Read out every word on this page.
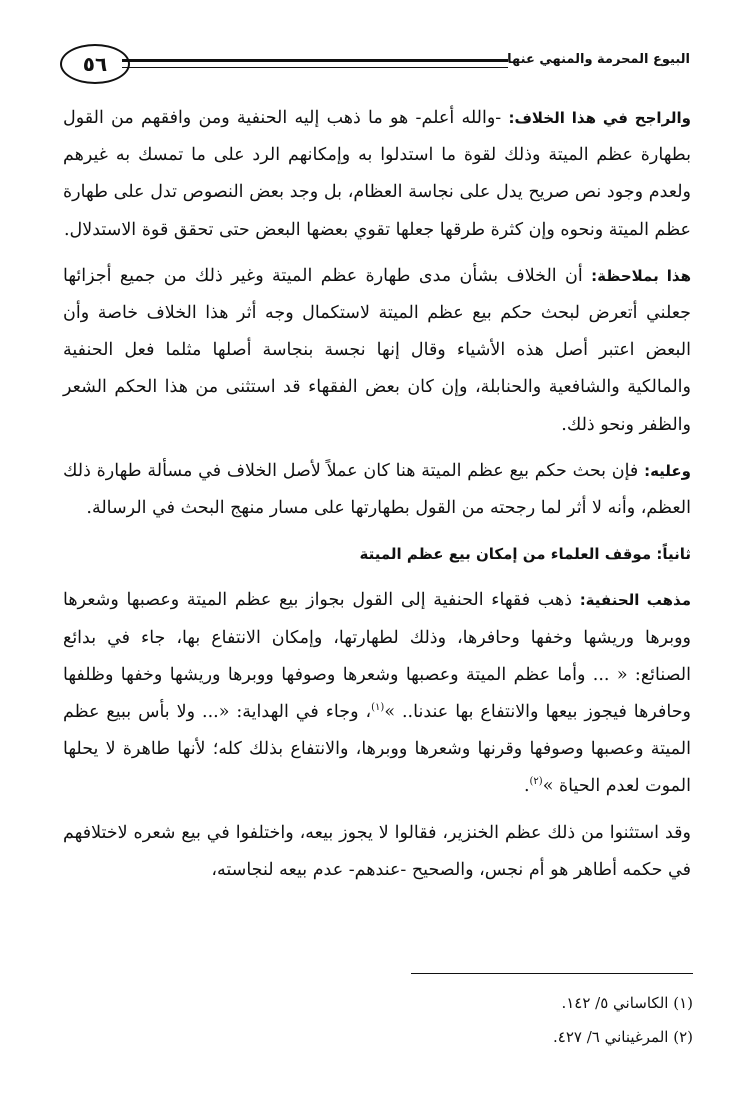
٥٦	البيوع المحرمة والمنهي عنها

والراجح في هذا الخلاف: -والله أعلم- هو ما ذهب إليه الحنفية ومن وافقهم من القول بطهارة عظم الميتة وذلك لقوة ما استدلوا به وإمكانهم الرد على ما تمسك به غيرهم ولعدم وجود نص صريح يدل على نجاسة العظام، بل وجد بعض النصوص تدل على طهارة عظم الميتة ونحوه وإن كثرة طرقها جعلها تقوي بعضها البعض حتى تحقق قوة الاستدلال.

هذا بملاحظة: أن الخلاف بشأن مدى طهارة عظم الميتة وغير ذلك من جميع أجزائها جعلني أتعرض لبحث حكم بيع عظم الميتة لاستكمال وجه أثر هذا الخلاف خاصة وأن البعض اعتبر أصل هذه الأشياء وقال إنها نجسة بنجاسة أصلها مثلما فعل الحنفية والمالكية والشافعية والحنابلة، وإن كان بعض الفقهاء قد استثنى من هذا الحكم الشعر والظفر ونحو ذلك.

وعليه: فإن بحث حكم بيع عظم الميتة هنا كان عملاً لأصل الخلاف في مسألة طهارة ذلك العظم، وأنه لا أثر لما رجحته من القول بطهارتها على مسار منهج البحث في الرسالة.

ثانياً: موقف العلماء من إمكان بيع عظم الميتة

مذهب الحنفية: ذهب فقهاء الحنفية إلى القول بجواز بيع عظم الميتة وعصبها وشعرها ووبرها وريشها وخفها وحافرها، وذلك لطهارتها، وإمكان الانتفاع بها، جاء في بدائع الصنائع: « ... وأما عظم الميتة وعصبها وشعرها وصوفها ووبرها وريشها وخفها وظلفها وحافرها فيجوز بيعها والانتفاع بها عندنا.. »$^{(١)}$، وجاء في الهداية: «... ولا بأس ببيع عظم الميتة وعصبها وصوفها وقرنها وشعرها ووبرها، والانتفاع بذلك كله؛ لأنها طاهرة لا يحلها الموت لعدم الحياة »$^{(٢)}$.

وقد استثنوا من ذلك عظم الخنزير، فقالوا لا يجوز بيعه، واختلفوا في بيع شعره لاختلافهم في حكمه أطاهر هو أم نجس، والصحيح -عندهم- عدم بيعه لنجاسته،

(١) الكاساني ٥/ ١٤٢.
(٢) المرغيناني ٦/ ٤٢٧.
